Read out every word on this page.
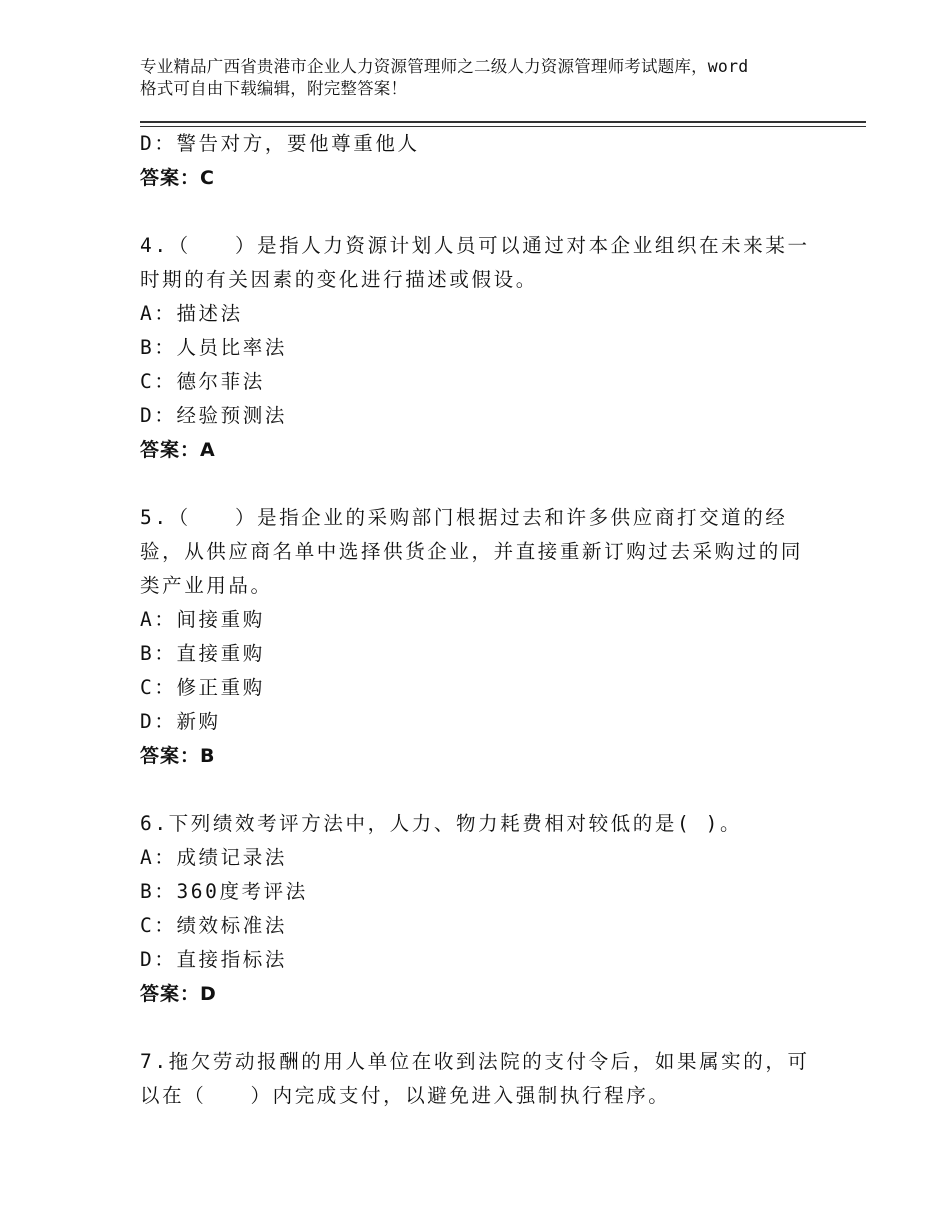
专业精品广西省贵港市企业人力资源管理师之二级人力资源管理师考试题库，word
格式可自由下载编辑，附完整答案！
D：警告对方，要他尊重他人
答案：C
4.（　　）是指人力资源计划人员可以通过对本企业组织在未来某一
时期的有关因素的变化进行描述或假设。
A：描述法
B：人员比率法
C：德尔菲法
D：经验预测法
答案：A
5.（　　）是指企业的采购部门根据过去和许多供应商打交道的经
验，从供应商名单中选择供货企业，并直接重新订购过去采购过的同
类产业用品。
A：间接重购
B：直接重购
C：修正重购
D：新购
答案：B
6.下列绩效考评方法中，人力、物力耗费相对较低的是( )。
A：成绩记录法
B：360度考评法
C：绩效标准法
D：直接指标法
答案：D
7.拖欠劳动报酬的用人单位在收到法院的支付令后，如果属实的，可
以在（　　）内完成支付，以避免进入强制执行程序。
